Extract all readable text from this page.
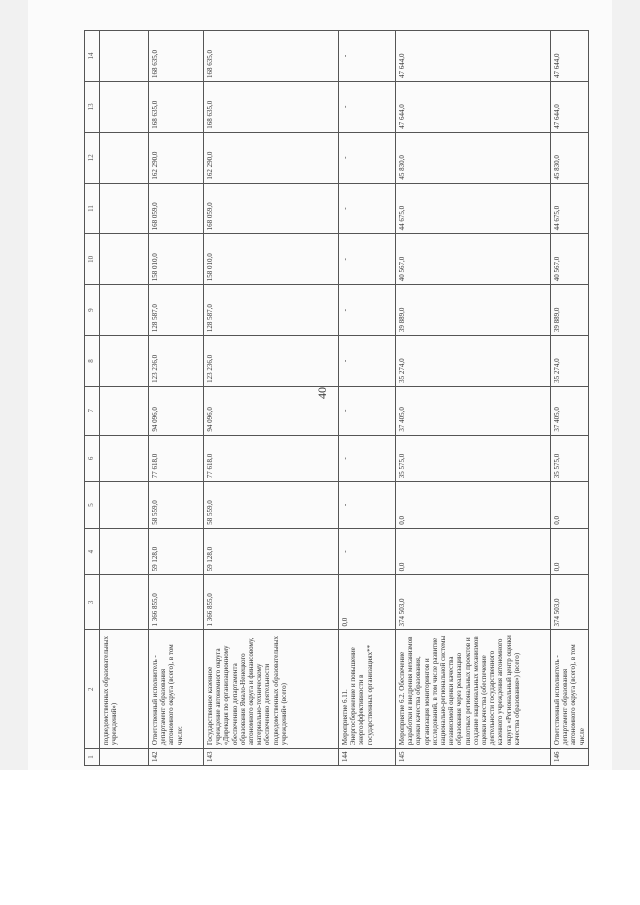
40
1	2	3	4	5	6	7	8	9	10	11	12	13	14
	подведомственных образовательных учреждений»)												
142	Ответственный исполнитель - департамент образования автономного округа (всего), в том числе:	1 366 855,0	59 128,0	58 559,0	77 618,0	94 096,0	123 236,0	128 587,0	158 010,0	168 059,0	162 290,0	168 635,0	168 635,0
143	Государственное казенное учреждение автономного округа «Дирекция по организационному обеспечению департамента образования Ямало-Ненецкого автономного округа и финансовому, материально-техническому обеспечению деятельности подведомственных образовательных учреждений» (всего)	1 366 855,0	59 128,0	58 559,0	77 618,0	94 096,0	123 236,0	128 587,0	158 010,0	168 059,0	162 290,0	168 635,0	168 635,0
144	Мероприятие 6.11. Энергосбережение и повышение энергоэффективности в государственных организациях**	0,0	-	-	-	-	-	-	-	-	-	-	-
145	Мероприятие 6.2. Обеспечение разработки и внедрения механизмов оценки качества образования, организация мониторингов и исследований, в том числе развитие национально-региональной системы независимой оценки качества образования через реализацию пилотных региональных проектов и создание национальных механизмов оценки качества (обеспечение деятельности государственного казенного учреждения автономного округа «Региональный центр оценки качества образования») (всего)	374 503,0	0,0	0,0	35 575,0	37 405,0	35 274,0	39 889,0	40 567,0	44 675,0	45 830,0	47 644,0	47 644,0
146	Ответственный исполнитель - департамент образования автономного округа (всего), в том числе	374 503,0	0,0	0,0	35 575,0	37 405,0	35 274,0	39 889,0	40 567,0	44 675,0	45 830,0	47 644,0	47 644,0
